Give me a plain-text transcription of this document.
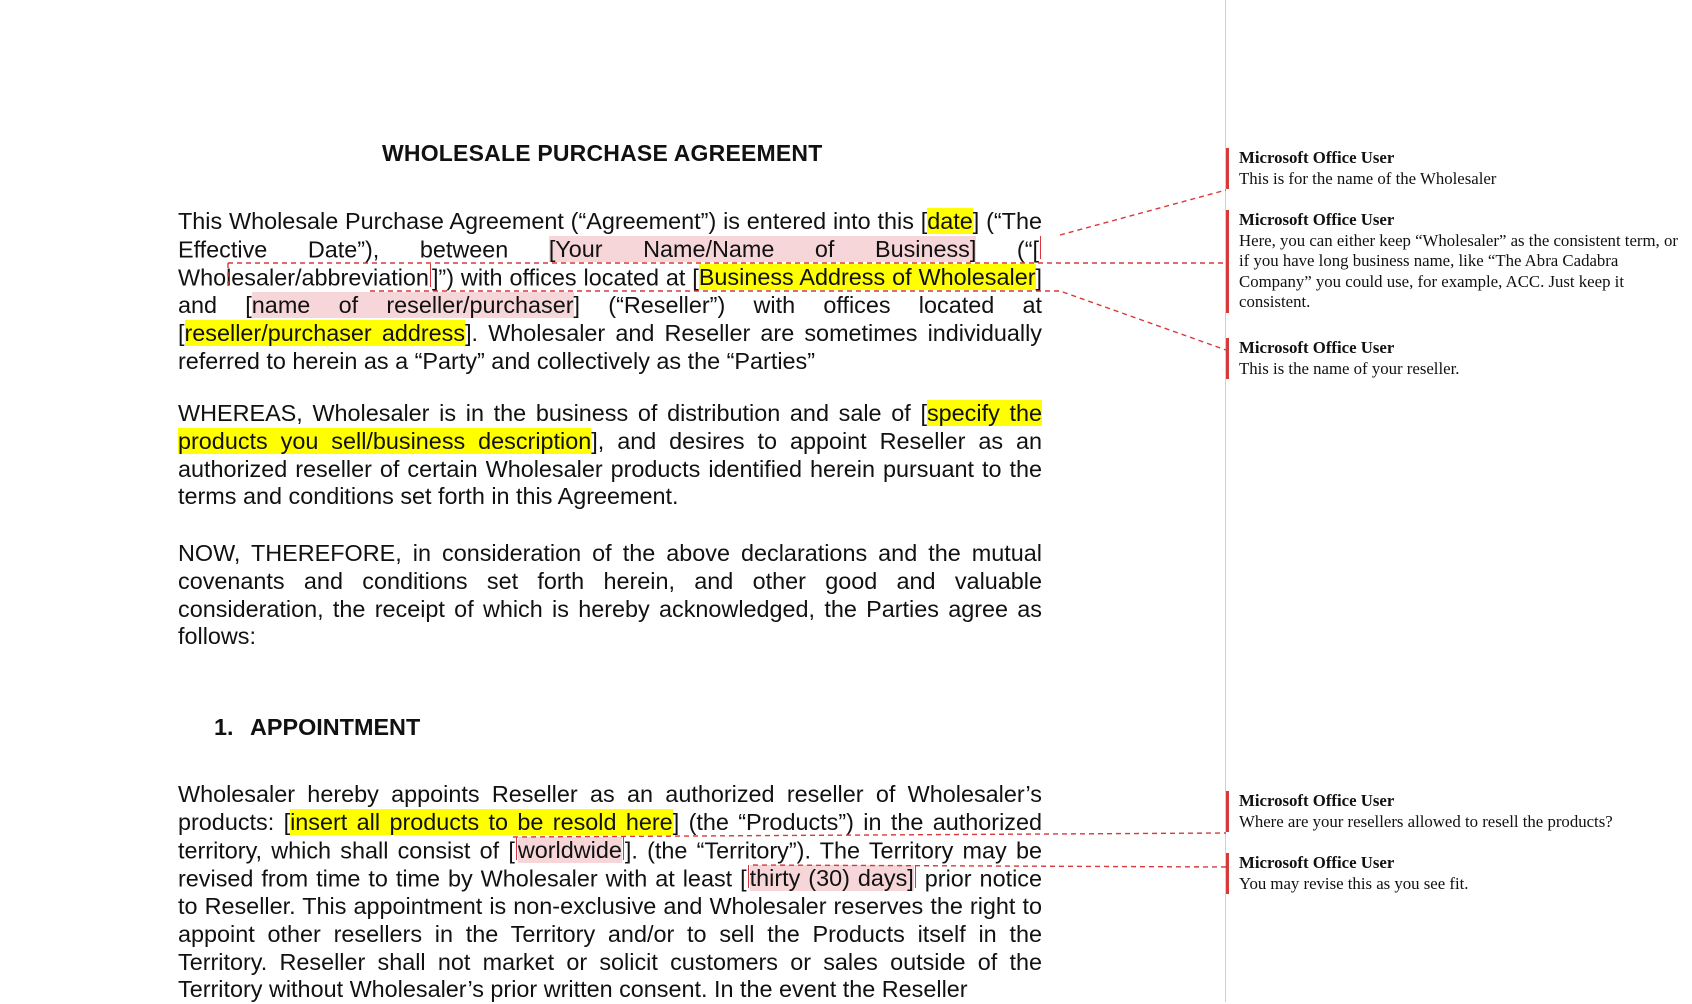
WHOLESALE PURCHASE AGREEMENT
This Wholesale Purchase Agreement (“Agreement”) is entered into this [date] (“The Effective Date”), between [Your Name/Name of Business] (“[Wholesaler/abbreviation ]”) with offices located at [Business Address of Wholesaler] and [name of reseller/purchaser] (“Reseller”) with offices located at [reseller/purchaser address]. Wholesaler and Reseller are sometimes individually referred to herein as a “Party” and collectively as the “Parties”
WHEREAS, Wholesaler is in the business of distribution and sale of [specify the products you sell/business description], and desires to appoint Reseller as an authorized reseller of certain Wholesaler products identified herein pursuant to the terms and conditions set forth in this Agreement.
NOW, THEREFORE, in consideration of the above declarations and the mutual covenants and conditions set forth herein, and other good and valuable consideration, the receipt of which is hereby acknowledged, the Parties agree as follows:
1. APPOINTMENT
Wholesaler hereby appoints Reseller as an authorized reseller of Wholesaler’s products: [insert all products to be resold here] (the “Products”) in the authorized territory, which shall consist of [ worldwide ]. (the “Territory”). The Territory may be revised from time to time by Wholesaler with at least [ thirty (30) days] prior notice to Reseller. This appointment is non-exclusive and Wholesaler reserves the right to appoint other resellers in the Territory and/or to sell the Products itself in the Territory. Reseller shall not market or solicit customers or sales outside of the Territory without Wholesaler’s prior written consent. In the event the Reseller
Microsoft Office User
This is for the name of the Wholesaler
Microsoft Office User
Here, you can either keep “Wholesaler” as the consistent term, or if you have long business name, like “The Abra Cadabra Company” you could use, for example, ACC. Just keep it consistent.
Microsoft Office User
This is the name of your reseller.
Microsoft Office User
Where are your resellers allowed to resell the products?
Microsoft Office User
You may revise this as you see fit.
